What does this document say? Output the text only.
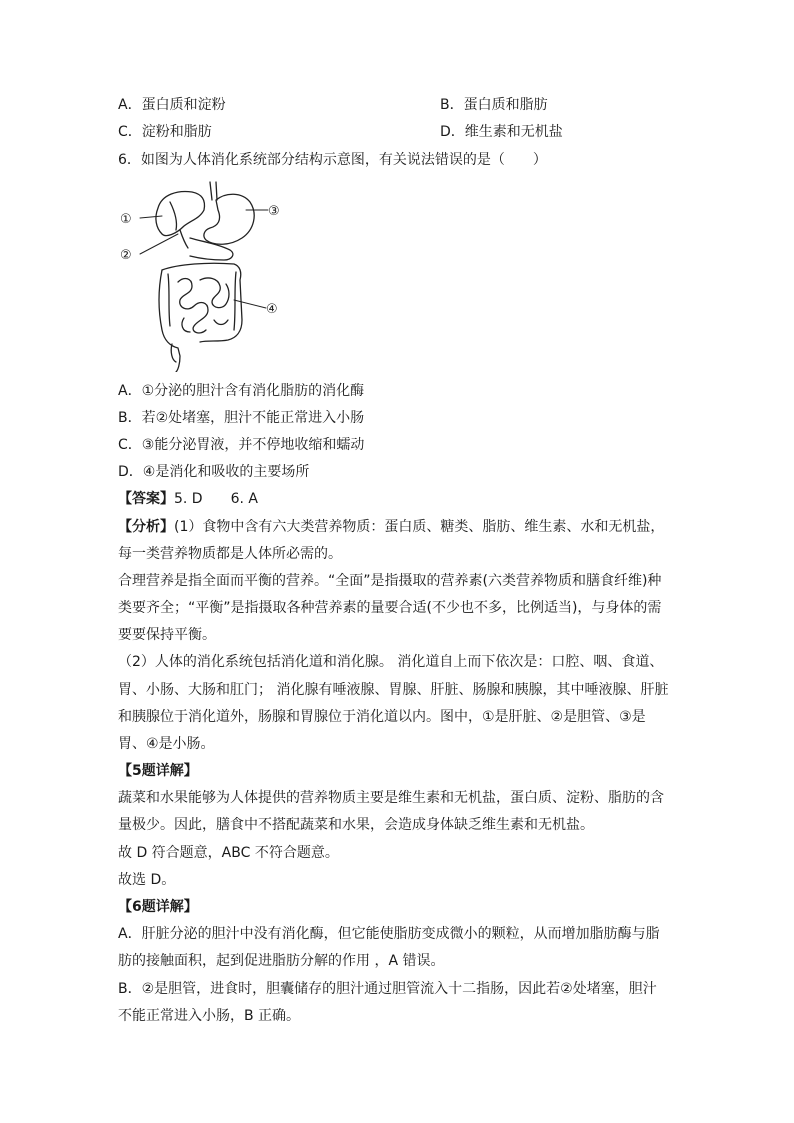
A．蛋白质和淀粉	B．蛋白质和脂肪
C．淀粉和脂肪	D．维生素和无机盐
6．如图为人体消化系统部分结构示意图，有关说法错误的是（　　）
①
②
③
④
A．①分泌的胆汁含有消化脂肪的消化酶
B．若②处堵塞，胆汁不能正常进入小肠
C．③能分泌胃液，并不停地收缩和蠕动
D．④是消化和吸收的主要场所
【答案】5. D　　6. A
【分析】(1）食物中含有六大类营养物质：蛋白质、糖类、脂肪、维生素、水和无机盐，
每一类营养物质都是人体所必需的。
合理营养是指全面而平衡的营养。“全面”是指摄取的营养素(六类营养物质和膳食纤维)种
类要齐全；“平衡”是指摄取各种营养素的量要合适(不少也不多，比例适当)，与身体的需
要要保持平衡。
（2）人体的消化系统包括消化道和消化腺。 消化道自上而下依次是：口腔、咽、食道、
胃、小肠、大肠和肛门； 消化腺有唾液腺、胃腺、肝脏、肠腺和胰腺，其中唾液腺、肝脏
和胰腺位于消化道外，肠腺和胃腺位于消化道以内。图中，①是肝脏、②是胆管、③是
胃、④是小肠。
【5题详解】
蔬菜和水果能够为人体提供的营养物质主要是维生素和无机盐，蛋白质、淀粉、脂肪的含
量极少。因此，膳食中不搭配蔬菜和水果，会造成身体缺乏维生素和无机盐。
故 D 符合题意，ABC 不符合题意。
故选 D。
【6题详解】
A．肝脏分泌的胆汁中没有消化酶，但它能使脂肪变成微小的颗粒，从而增加脂肪酶与脂
肪的接触面积，起到促进脂肪分解的作用 ，A 错误。
B．②是胆管，进食时，胆囊储存的胆汁通过胆管流入十二指肠，因此若②处堵塞，胆汁
不能正常进入小肠，B 正确。
